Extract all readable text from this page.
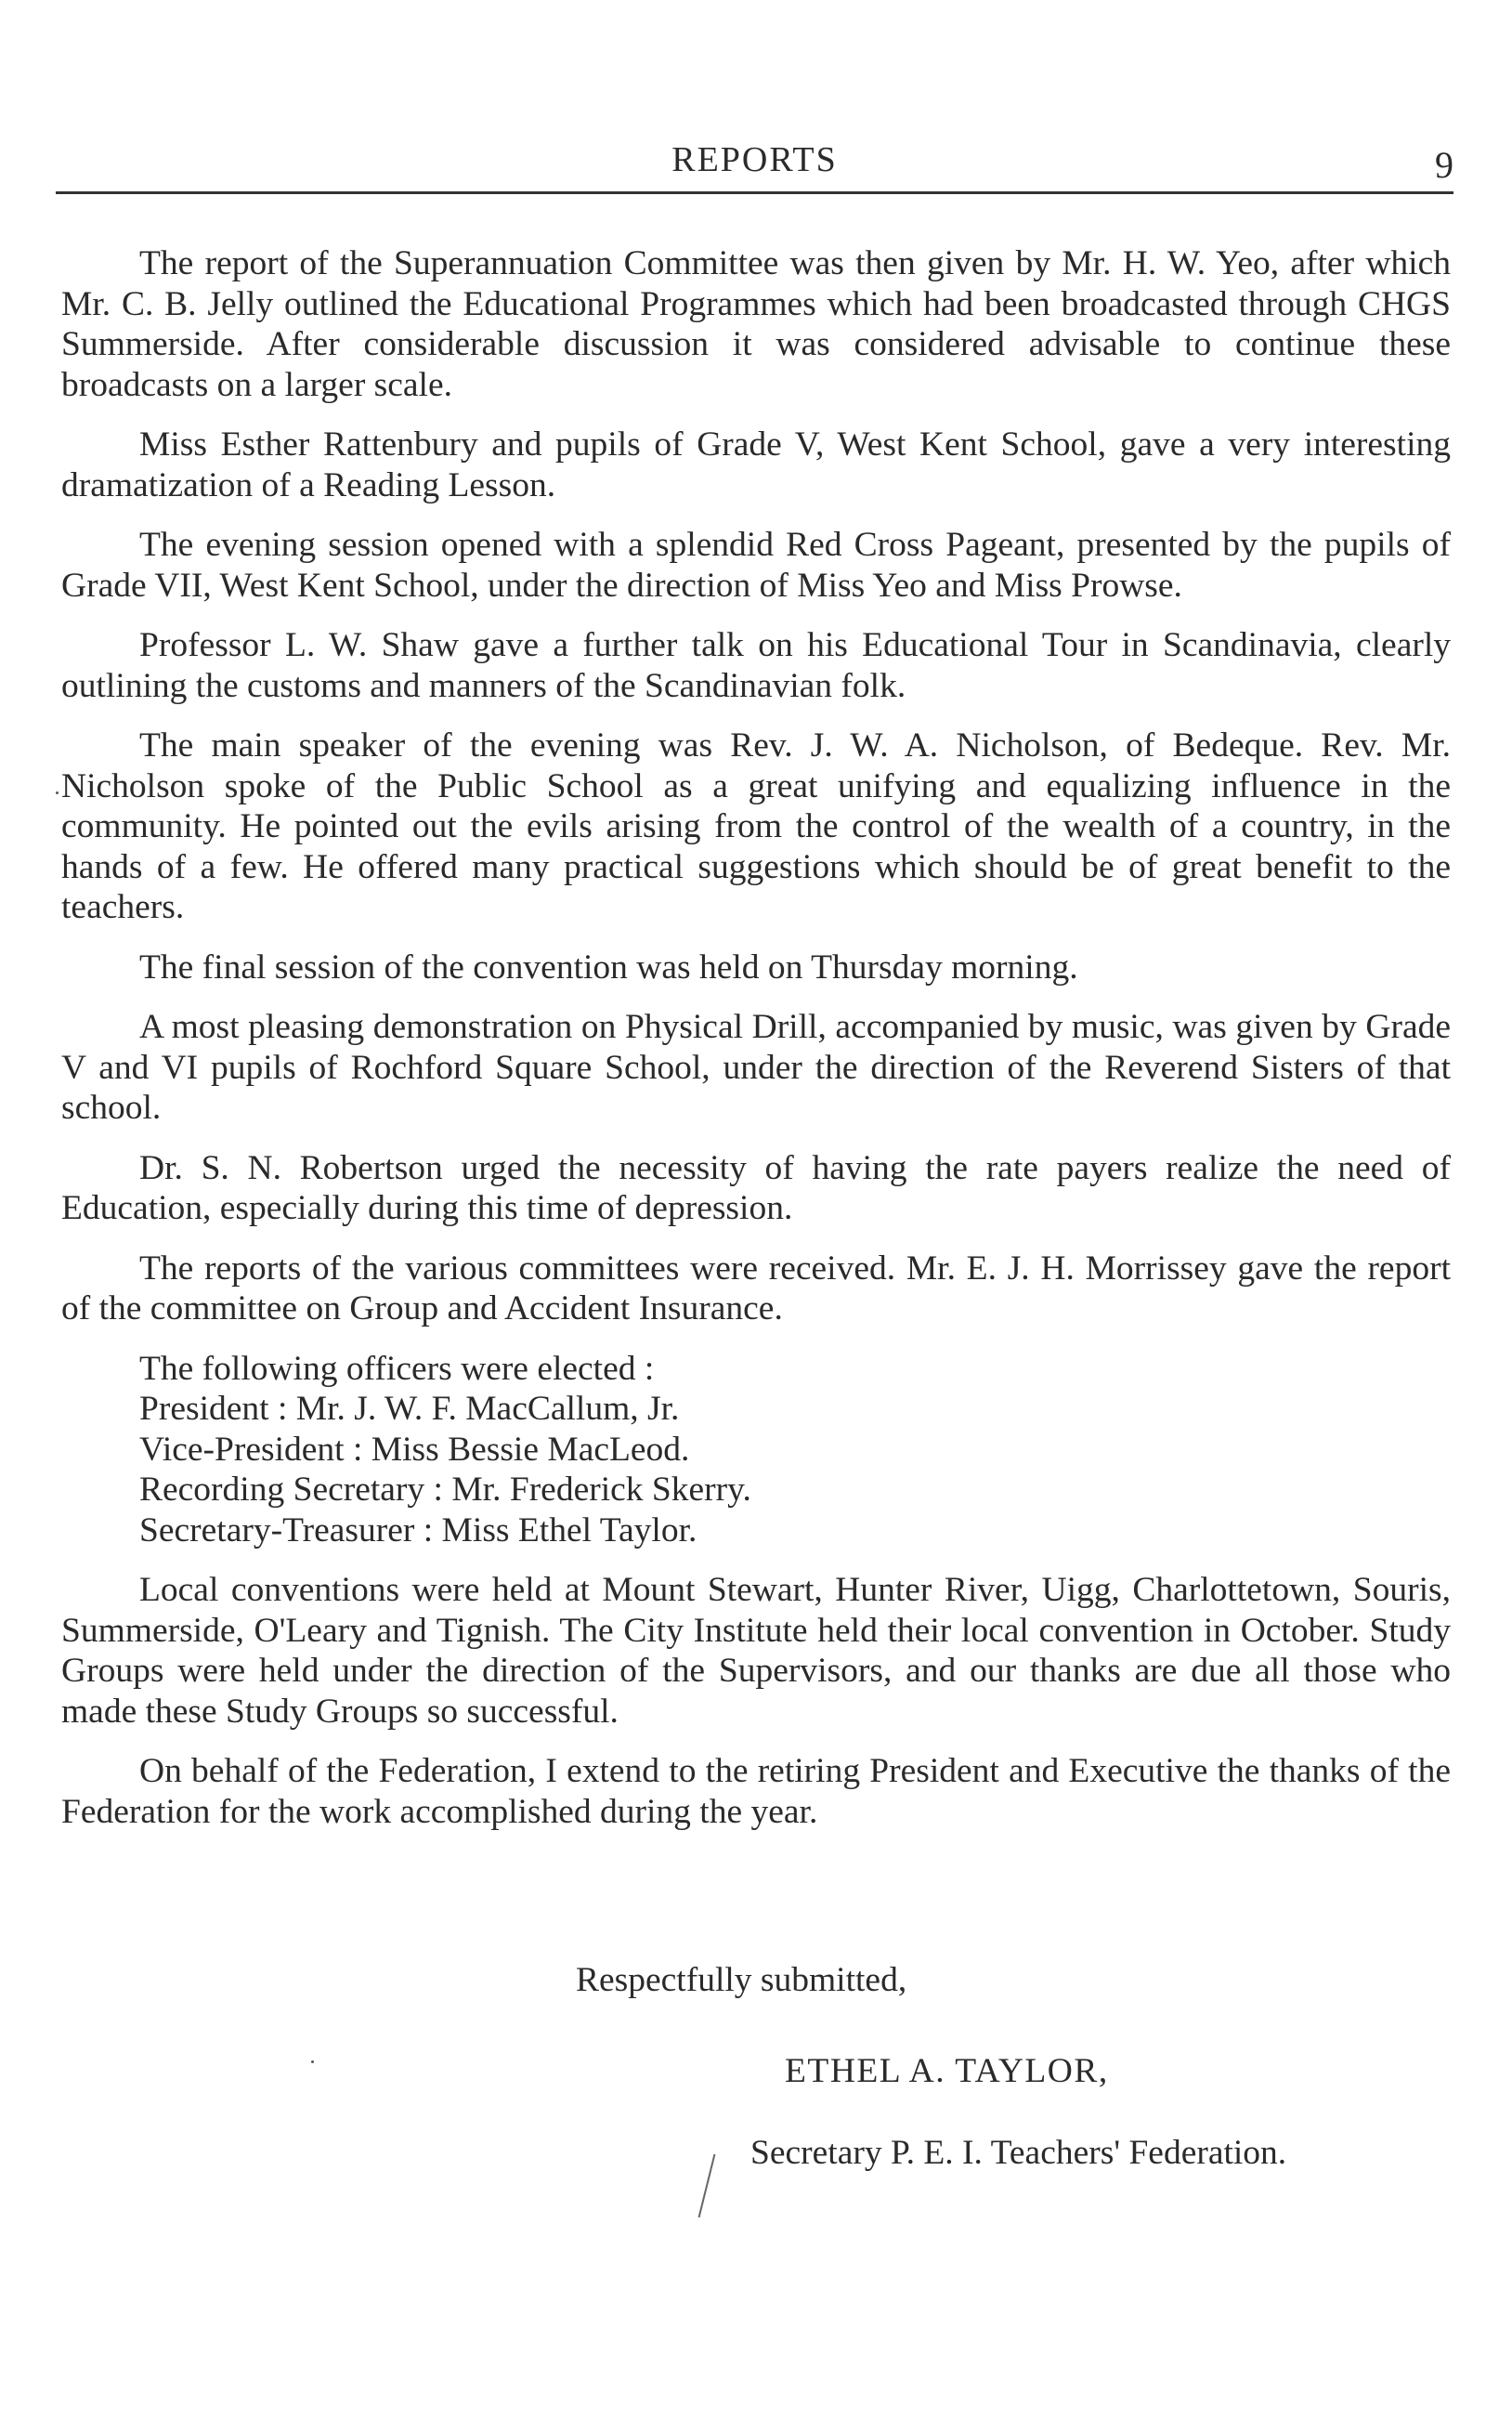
REPORTS	9

The report of the Superannuation Committee was then given by Mr. H. W. Yeo, after which Mr. C. B. Jelly outlined the Educational Programmes which had been broadcasted through CHGS Summerside. After considerable discussion it was considered advisable to continue these broadcasts on a larger scale.

Miss Esther Rattenbury and pupils of Grade V, West Kent School, gave a very interesting dramatization of a Reading Lesson.

The evening session opened with a splendid Red Cross Pageant, presented by the pupils of Grade VII, West Kent School, under the direction of Miss Yeo and Miss Prowse.

Professor L. W. Shaw gave a further talk on his Educational Tour in Scandinavia, clearly outlining the customs and manners of the Scandinavian folk.

The main speaker of the evening was Rev. J. W. A. Nicholson, of Bedeque. Rev. Mr. Nicholson spoke of the Public School as a great unifying and equalizing influence in the community. He pointed out the evils arising from the control of the wealth of a country, in the hands of a few. He offered many practical suggestions which should be of great benefit to the teachers.

The final session of the convention was held on Thursday morning.

A most pleasing demonstration on Physical Drill, accompanied by music, was given by Grade V and VI pupils of Rochford Square School, under the direction of the Reverend Sisters of that school.

Dr. S. N. Robertson urged the necessity of having the rate payers realize the need of Education, especially during this time of depression.

The reports of the various committees were received. Mr. E. J. H. Morrissey gave the report of the committee on Group and Accident Insurance.

The following officers were elected :
President : Mr. J. W. F. MacCallum, Jr.
Vice-President : Miss Bessie MacLeod.
Recording Secretary : Mr. Frederick Skerry.
Secretary-Treasurer : Miss Ethel Taylor.

Local conventions were held at Mount Stewart, Hunter River, Uigg, Charlottetown, Souris, Summerside, O'Leary and Tignish. The City Institute held their local convention in October. Study Groups were held under the direction of the Supervisors, and our thanks are due all those who made these Study Groups so successful.

On behalf of the Federation, I extend to the retiring President and Executive the thanks of the Federation for the work accomplished during the year.

Respectfully submitted,
ETHEL A. TAYLOR,
Secretary P. E. I. Teachers' Federation.
